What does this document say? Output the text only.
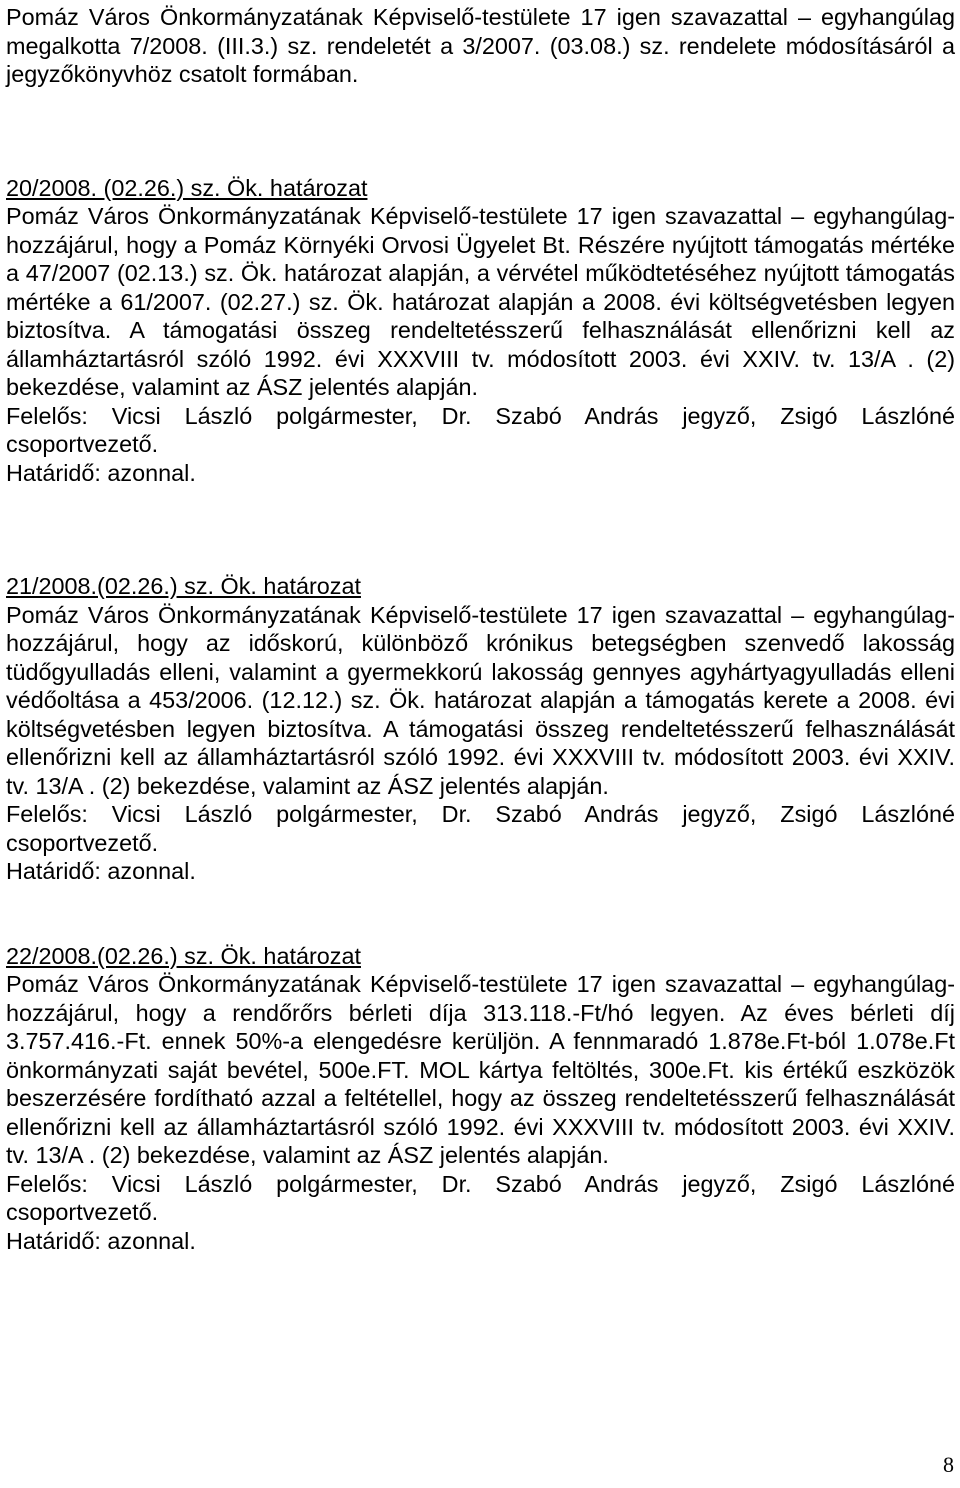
Pomáz Város Önkormányzatának Képviselő-testülete 17 igen szavazattal – egyhangúlag megalkotta 7/2008. (III.3.) sz. rendeletét a 3/2007. (03.08.) sz. rendelete módosításáról a jegyzőkönyvhöz csatolt formában.

20/2008. (02.26.) sz. Ök. határozat

Pomáz Város Önkormányzatának Képviselő-testülete 17 igen szavazattal – egyhangúlag- hozzájárul, hogy a Pomáz Környéki Orvosi Ügyelet Bt. Részére nyújtott támogatás mértéke a 47/2007 (02.13.) sz. Ök. határozat alapján, a vérvétel működtetéséhez nyújtott támogatás mértéke a 61/2007. (02.27.) sz. Ök. határozat alapján a 2008. évi költségvetésben legyen biztosítva. A támogatási összeg rendeltetésszerű felhasználását ellenőrizni kell az államháztartásról szóló 1992. évi XXXVIII tv. módosított 2003. évi XXIV. tv. 13/A . (2) bekezdése, valamint az ÁSZ jelentés alapján.

Felelős: Vicsi László polgármester, Dr. Szabó András jegyző, Zsigó Lászlóné csoportvezető.

Határidő: azonnal.

21/2008.(02.26.) sz. Ök. határozat

Pomáz Város Önkormányzatának Képviselő-testülete 17 igen szavazattal – egyhangúlag- hozzájárul, hogy az időskorú, különböző krónikus betegségben szenvedő lakosság tüdőgyulladás elleni, valamint a gyermekkorú lakosság gennyes agyhártyagyulladás elleni védőoltása a 453/2006. (12.12.) sz. Ök. határozat alapján a támogatás kerete a 2008. évi költségvetésben legyen biztosítva. A támogatási összeg rendeltetésszerű felhasználását ellenőrizni kell az államháztartásról szóló 1992. évi XXXVIII tv. módosított 2003. évi XXIV. tv. 13/A . (2) bekezdése, valamint az ÁSZ jelentés alapján.

Felelős: Vicsi László polgármester, Dr. Szabó András jegyző, Zsigó Lászlóné csoportvezető.

Határidő: azonnal.

22/2008.(02.26.) sz. Ök. határozat

Pomáz Város Önkormányzatának Képviselő-testülete 17 igen szavazattal – egyhangúlag- hozzájárul, hogy a rendőrőrs bérleti díja 313.118.-Ft/hó legyen. Az éves bérleti díj 3.757.416.-Ft. ennek 50%-a elengedésre kerüljön. A fennmaradó 1.878e.Ft-ból 1.078e.Ft önkormányzati saját bevétel, 500e.FT. MOL kártya feltöltés, 300e.Ft. kis értékű eszközök beszerzésére fordítható azzal a feltétellel, hogy az összeg rendeltetésszerű felhasználását ellenőrizni kell az államháztartásról szóló 1992. évi XXXVIII tv. módosított 2003. évi XXIV. tv. 13/A . (2) bekezdése, valamint az ÁSZ jelentés alapján.

Felelős: Vicsi László polgármester, Dr. Szabó András jegyző, Zsigó Lászlóné csoportvezető.

Határidő: azonnal.

8
